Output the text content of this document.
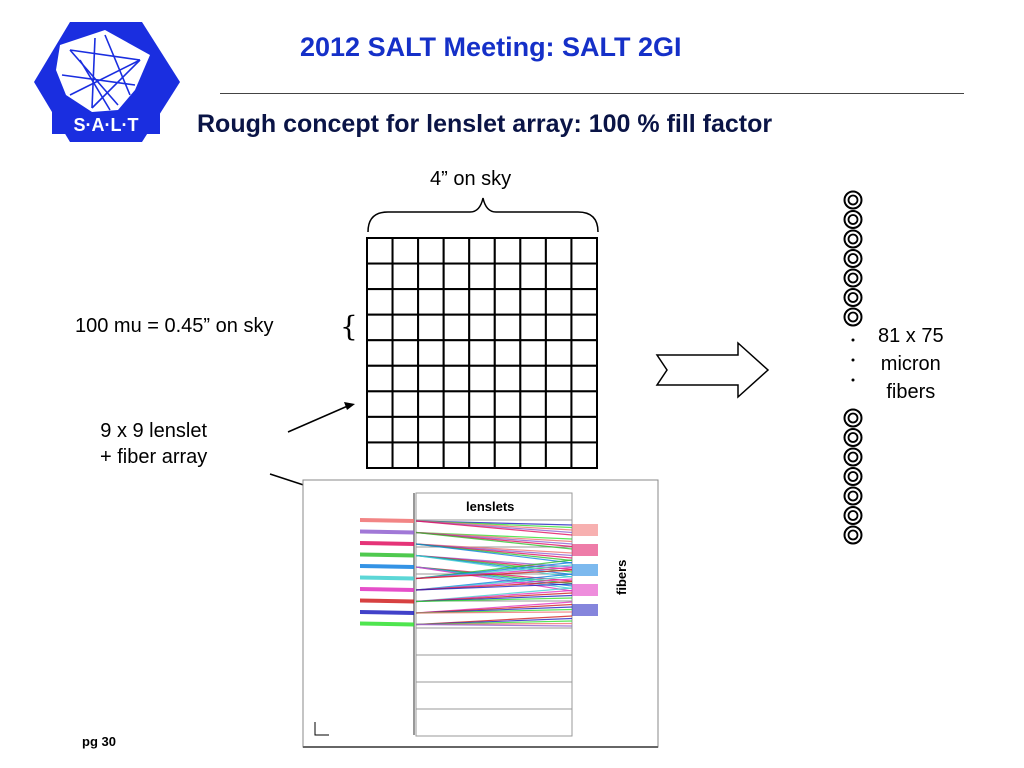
S·A·L·T
2012 SALT Meeting: SALT 2GI
Rough concept for lenslet array: 100 % fill factor
4” on sky
100 mu = 0.45” on sky {
9 x 9 lenslet
+ fiber array
81 x 75
micron
fibers
lenslets
fibers
pg 30
